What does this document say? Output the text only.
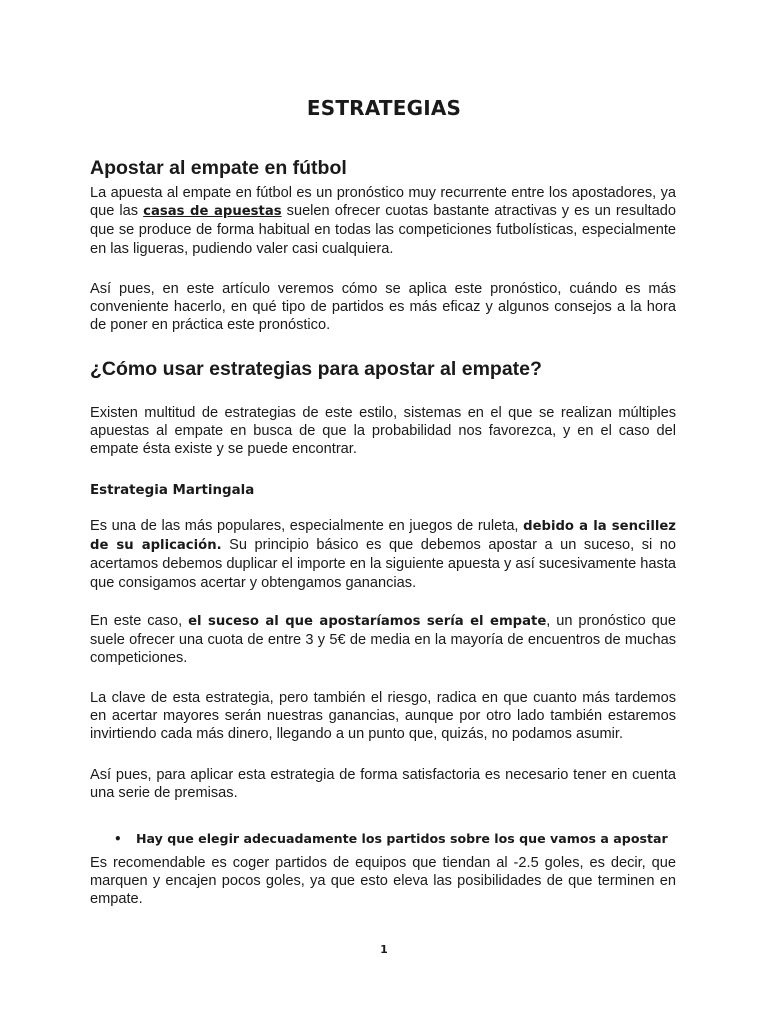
ESTRATEGIAS
Apostar al empate en fútbol

La apuesta al empate en fútbol es un pronóstico muy recurrente entre los apostadores, ya que las casas de apuestas suelen ofrecer cuotas bastante atractivas y es un resultado que se produce de forma habitual en todas las competiciones futbolísticas, especialmente en las ligueras, pudiendo valer casi cualquiera.

Así pues, en este artículo veremos cómo se aplica este pronóstico, cuándo es más conveniente hacerlo, en qué tipo de partidos es más eficaz y algunos consejos a la hora de poner en práctica este pronóstico.

¿Cómo usar estrategias para apostar al empate?

Existen multitud de estrategias de este estilo, sistemas en el que se realizan múltiples apuestas al empate en busca de que la probabilidad nos favorezca, y en el caso del empate ésta existe y se puede encontrar.

Estrategia Martingala

Es una de las más populares, especialmente en juegos de ruleta, debido a la sencillez de su aplicación. Su principio básico es que debemos apostar a un suceso, si no acertamos debemos duplicar el importe en la siguiente apuesta y así sucesivamente hasta que consigamos acertar y obtengamos ganancias.

En este caso, el suceso al que apostaríamos sería el empate, un pronóstico que suele ofrecer una cuota de entre 3 y 5€ de media en la mayoría de encuentros de muchas competiciones.

La clave de esta estrategia, pero también el riesgo, radica en que cuanto más tardemos en acertar mayores serán nuestras ganancias, aunque por otro lado también estaremos invirtiendo cada más dinero, llegando a un punto que, quizás, no podamos asumir.

Así pues, para aplicar esta estrategia de forma satisfactoria es necesario tener en cuenta una serie de premisas.

• Hay que elegir adecuadamente los partidos sobre los que vamos a apostar

Es recomendable es coger partidos de equipos que tiendan al -2.5 goles, es decir, que marquen y encajen pocos goles, ya que esto eleva las posibilidades de que terminen en empate.

1
